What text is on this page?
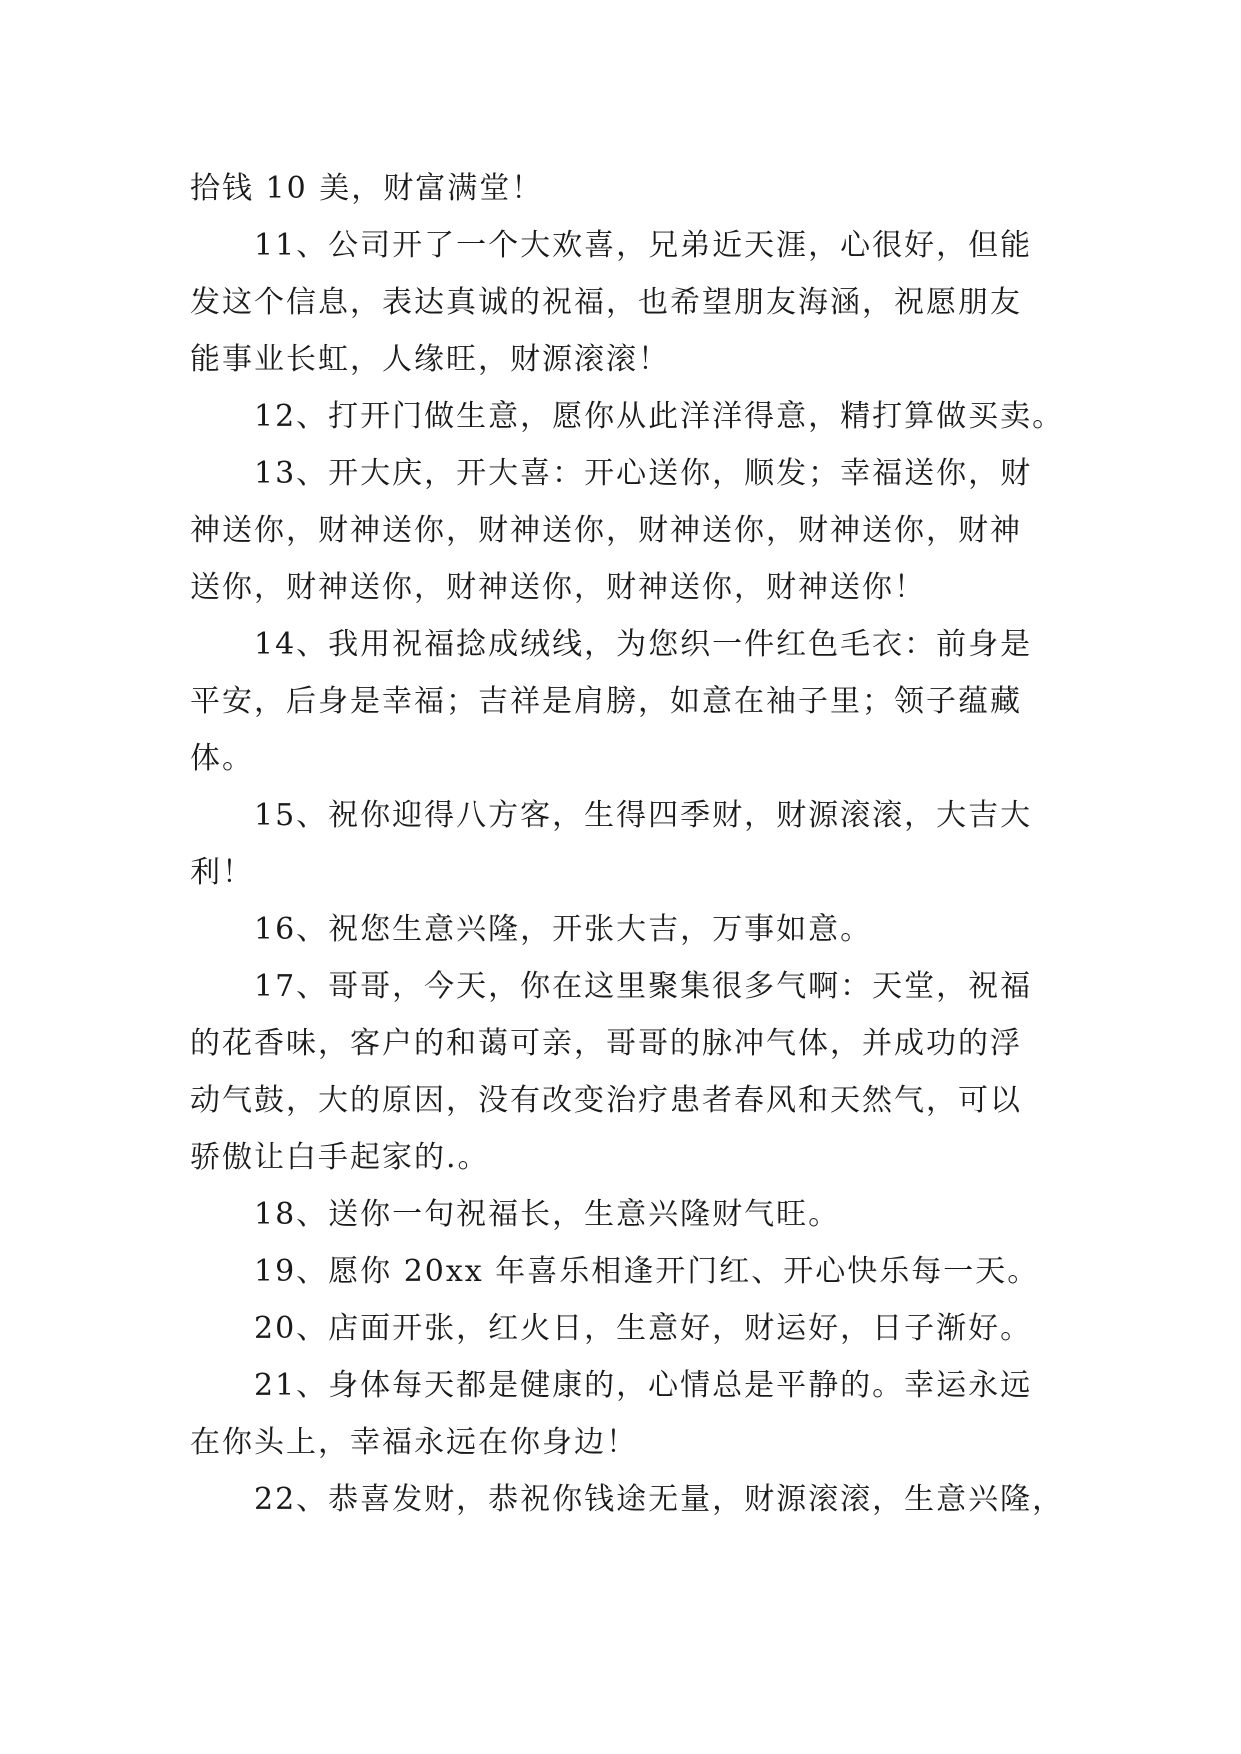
拾钱 10 美，财富满堂！

11、公司开了一个大欢喜，兄弟近天涯，心很好，但能

发这个信息，表达真诚的祝福，也希望朋友海涵，祝愿朋友

能事业长虹，人缘旺，财源滚滚！

12、打开门做生意，愿你从此洋洋得意，精打算做买卖。

13、开大庆，开大喜：开心送你，顺发；幸福送你，财

神送你，财神送你，财神送你，财神送你，财神送你，财神

送你，财神送你，财神送你，财神送你，财神送你！

14、我用祝福捻成绒线，为您织一件红色毛衣：前身是

平安，后身是幸福；吉祥是肩膀，如意在袖子里；领子蕴藏

体。

15、祝你迎得八方客，生得四季财，财源滚滚，大吉大

利！

16、祝您生意兴隆，开张大吉，万事如意。

17、哥哥，今天，你在这里聚集很多气啊：天堂，祝福

的花香味，客户的和蔼可亲，哥哥的脉冲气体，并成功的浮

动气鼓，大的原因，没有改变治疗患者春风和天然气，可以

骄傲让白手起家的.。

18、送你一句祝福长，生意兴隆财气旺。

19、愿你 20xx 年喜乐相逢开门红、开心快乐每一天。

20、店面开张，红火日，生意好，财运好，日子渐好。

21、身体每天都是健康的，心情总是平静的。幸运永远

在你头上，幸福永远在你身边！

22、恭喜发财，恭祝你钱途无量，财源滚滚，生意兴隆，
